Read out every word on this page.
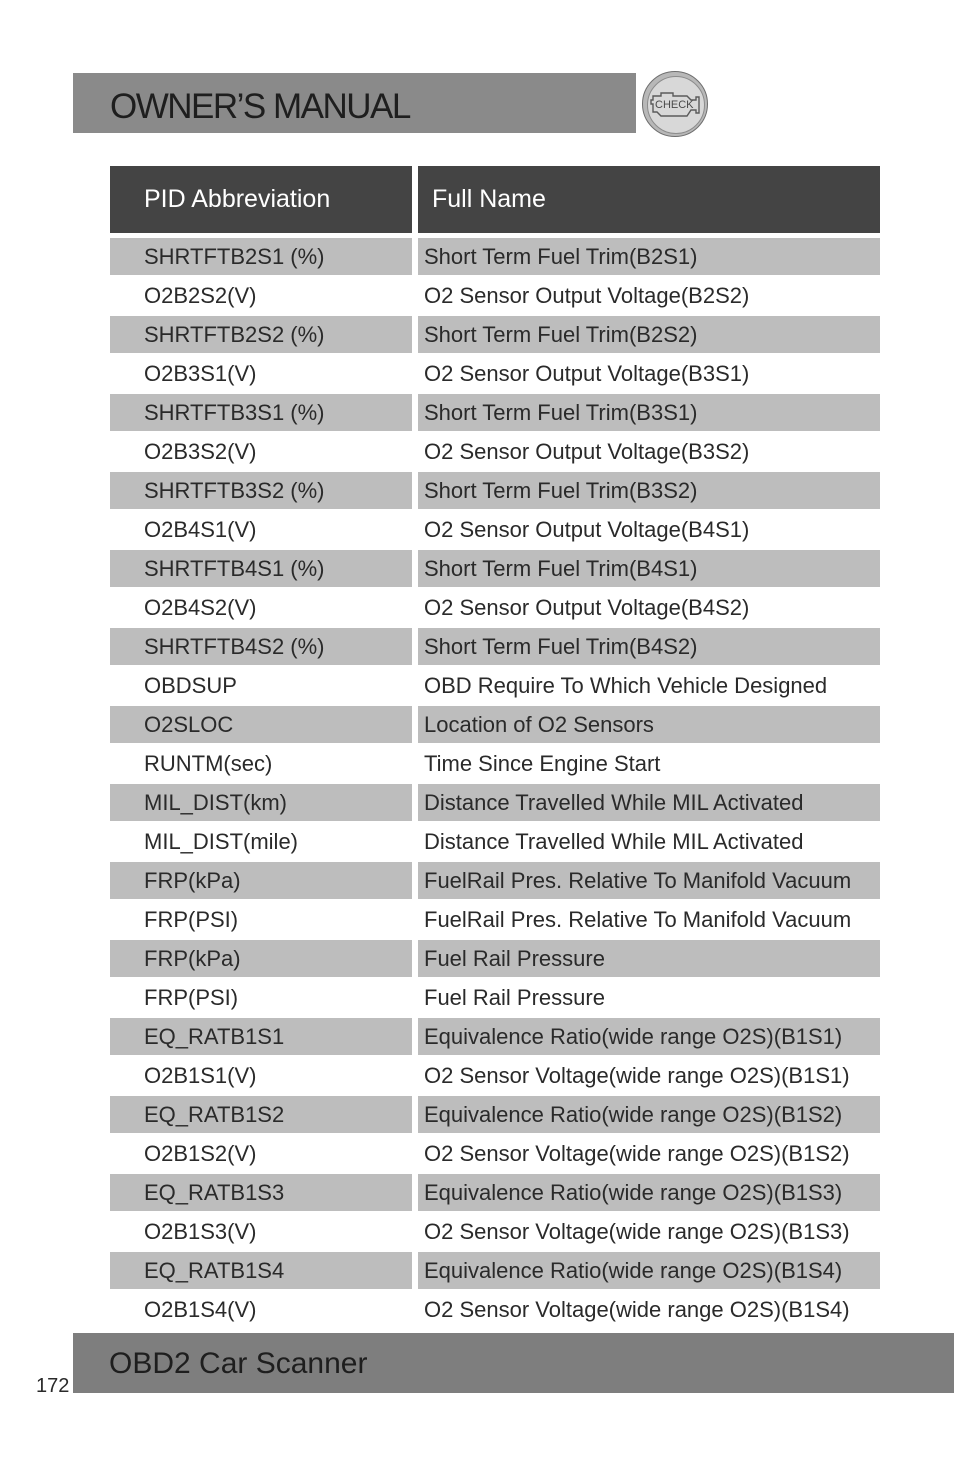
OWNER’S MANUAL	CHECK
PID Abbreviation		Full Name

SHRTFTB2S1 (%)		Short Term Fuel Trim(B2S1)
O2B2S2(V)		O2 Sensor Output Voltage(B2S2)
SHRTFTB2S2 (%)		Short Term Fuel Trim(B2S2)
O2B3S1(V)		O2 Sensor Output Voltage(B3S1)
SHRTFTB3S1 (%)		Short Term Fuel Trim(B3S1)
O2B3S2(V)		O2 Sensor Output Voltage(B3S2)
SHRTFTB3S2 (%)		Short Term Fuel Trim(B3S2)
O2B4S1(V)		O2 Sensor Output Voltage(B4S1)
SHRTFTB4S1 (%)		Short Term Fuel Trim(B4S1)
O2B4S2(V)		O2 Sensor Output Voltage(B4S2)
SHRTFTB4S2 (%)		Short Term Fuel Trim(B4S2)
OBDSUP		OBD Require To Which Vehicle Designed
O2SLOC		Location of O2 Sensors
RUNTM(sec)		Time Since Engine Start
MIL_DIST(km)		Distance Travelled While MIL Activated
MIL_DIST(mile)		Distance Travelled While MIL Activated
FRP(kPa)		FuelRail Pres. Relative To Manifold Vacuum
FRP(PSI)		FuelRail Pres. Relative To Manifold Vacuum
FRP(kPa)		Fuel Rail Pressure
FRP(PSI)		Fuel Rail Pressure
EQ_RATB1S1		Equivalence Ratio(wide range O2S)(B1S1)
O2B1S1(V)		O2 Sensor Voltage(wide range O2S)(B1S1)
EQ_RATB1S2		Equivalence Ratio(wide range O2S)(B1S2)
O2B1S2(V)		O2 Sensor Voltage(wide range O2S)(B1S2)
EQ_RATB1S3		Equivalence Ratio(wide range O2S)(B1S3)
O2B1S3(V)		O2 Sensor Voltage(wide range O2S)(B1S3)
EQ_RATB1S4		Equivalence Ratio(wide range O2S)(B1S4)
O2B1S4(V)		O2 Sensor Voltage(wide range O2S)(B1S4)
OBD2 Car Scanner
172
